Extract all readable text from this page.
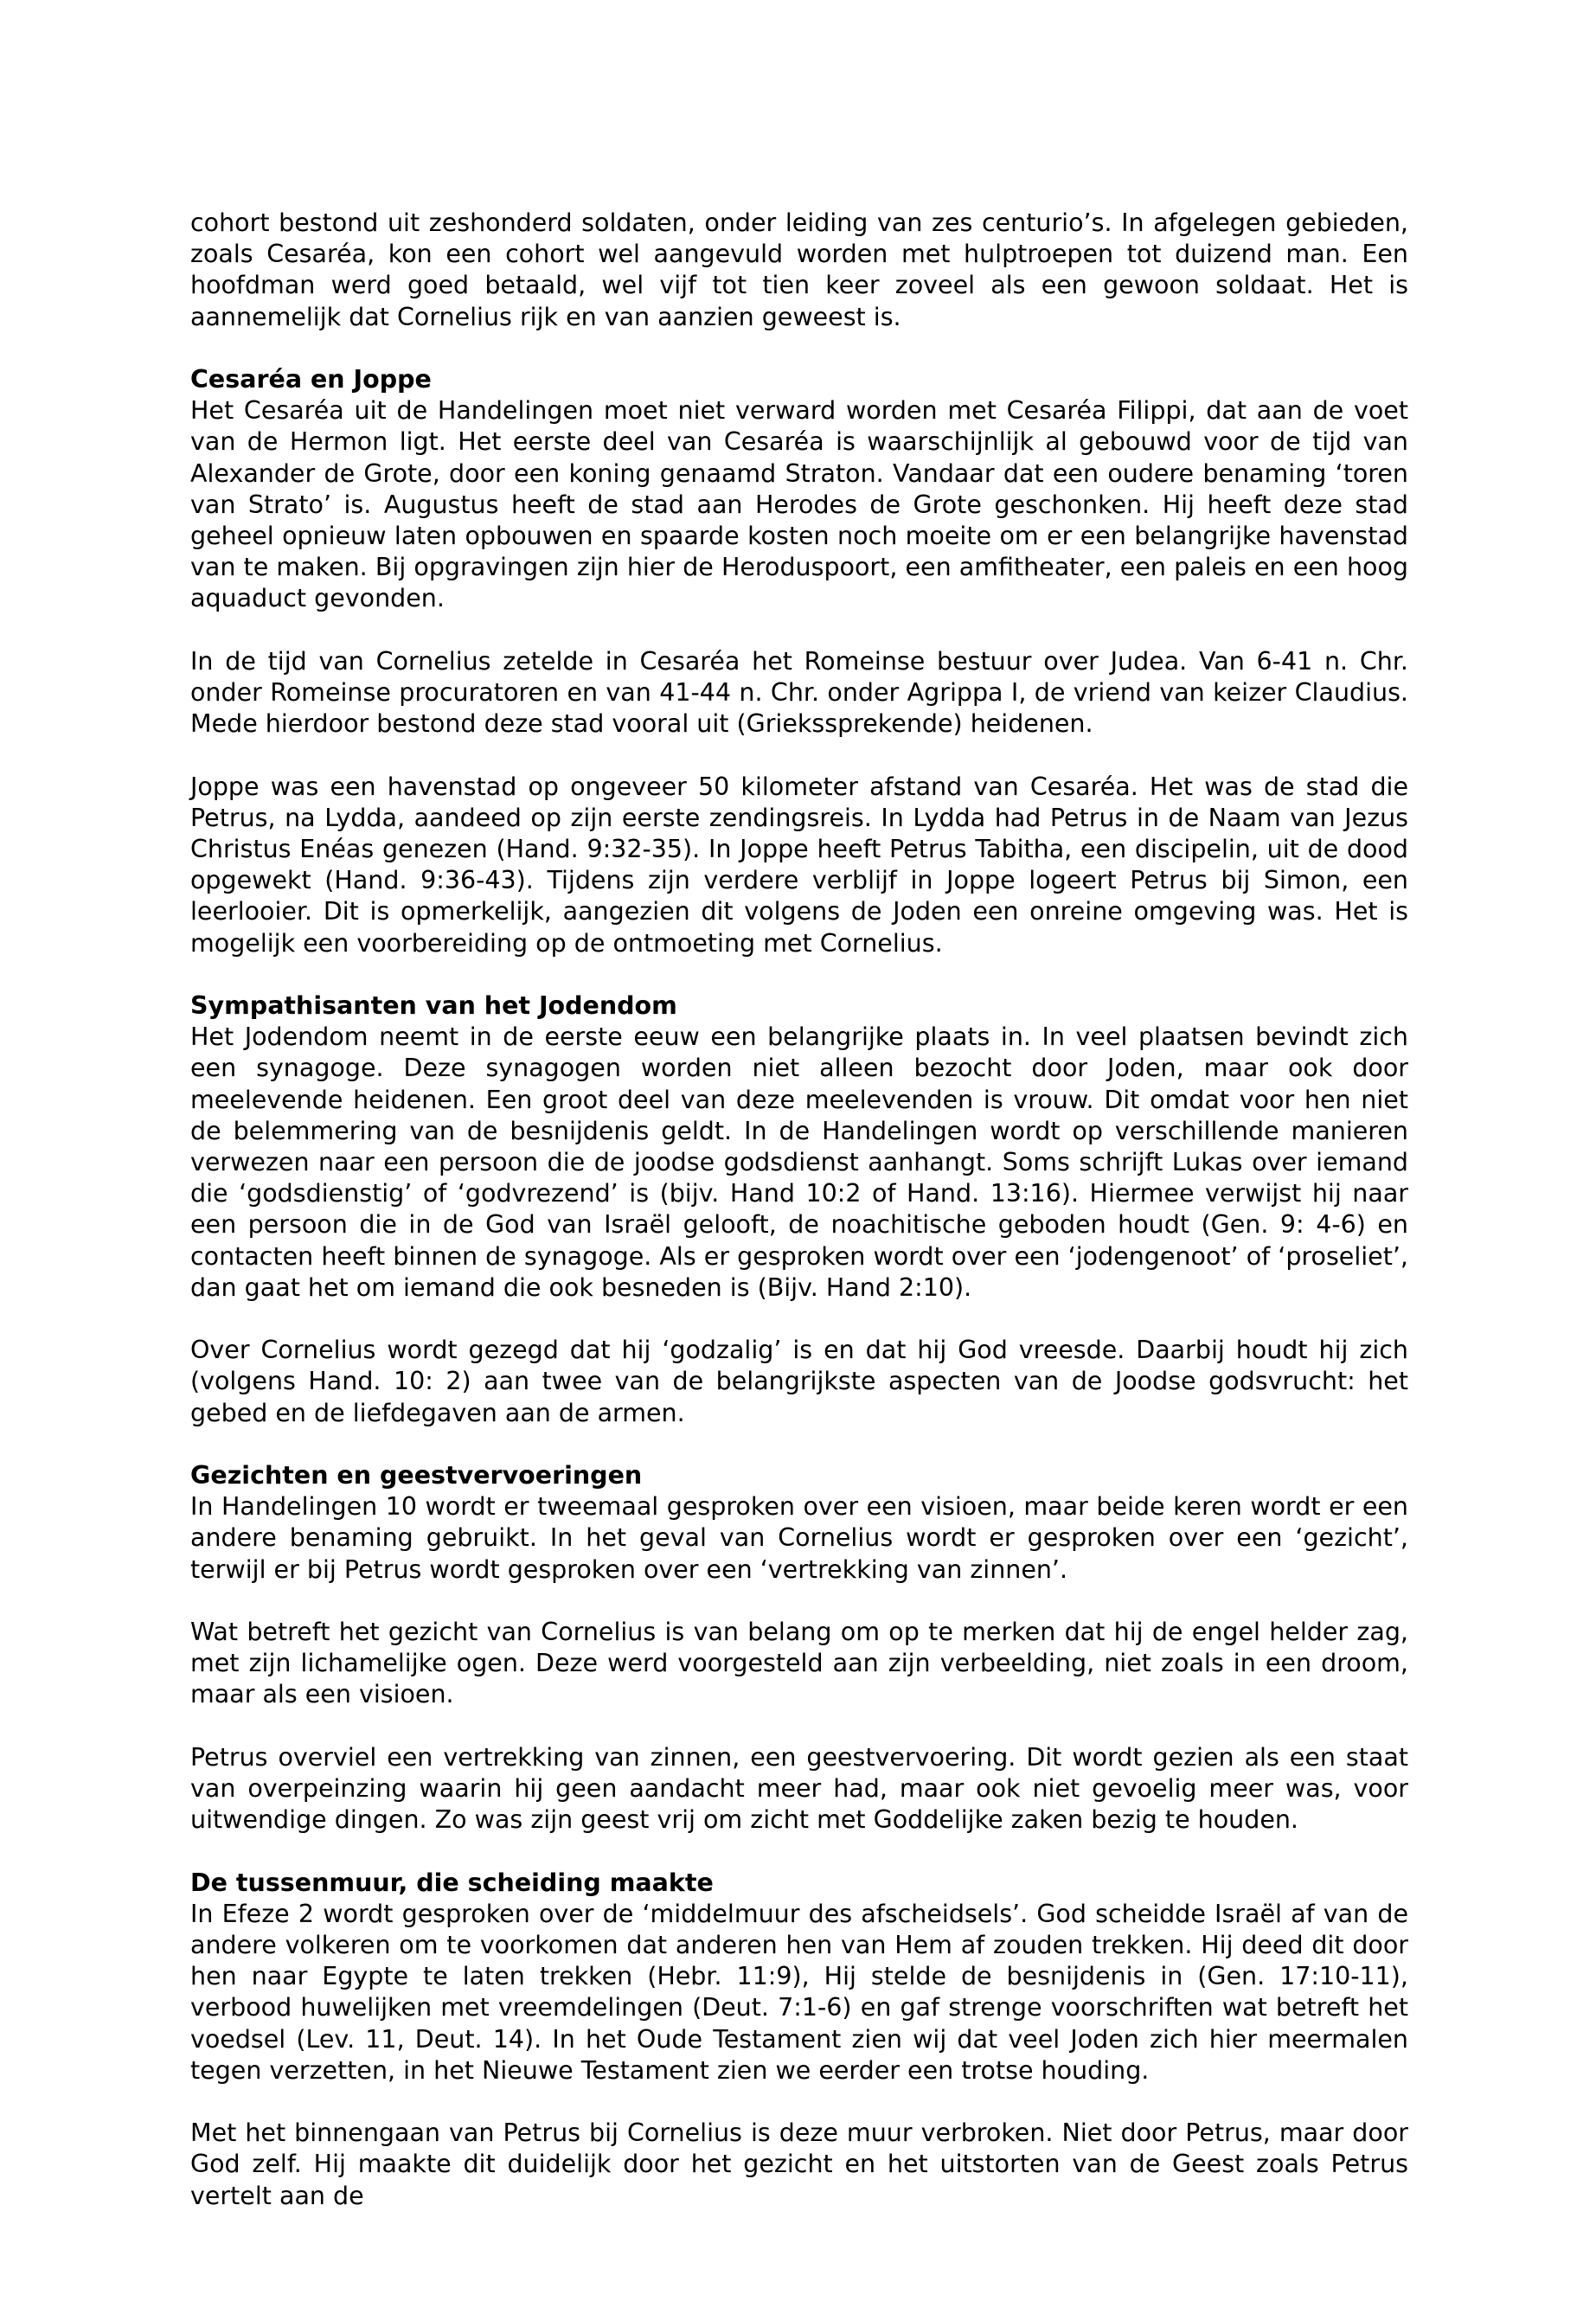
cohort bestond uit zeshonderd soldaten, onder leiding van zes centurio’s. In afgelegen gebieden, zoals Cesaréa, kon een cohort wel aangevuld worden met hulptroepen tot duizend man. Een hoofdman werd goed betaald, wel vijf tot tien keer zoveel als een gewoon soldaat. Het is aannemelijk dat Cornelius rijk en van aanzien geweest is.
Cesaréa en Joppe
Het Cesaréa uit de Handelingen moet niet verward worden met Cesaréa Filippi, dat aan de voet van de Hermon ligt. Het eerste deel van Cesaréa is waarschijnlijk al gebouwd voor de tijd van Alexander de Grote, door een koning genaamd Straton. Vandaar dat een oudere benaming ‘toren van Strato’ is. Augustus heeft de stad aan Herodes de Grote geschonken. Hij heeft deze stad geheel opnieuw laten opbouwen en spaarde kosten noch moeite om er een belangrijke havenstad van te maken. Bij opgravingen zijn hier de Heroduspoort, een amfitheater, een paleis en een hoog aquaduct gevonden.
In de tijd van Cornelius zetelde in Cesaréa het Romeinse bestuur over Judea. Van 6-41 n. Chr. onder Romeinse procuratoren en van 41-44 n. Chr. onder Agrippa I, de vriend van keizer Claudius. Mede hierdoor bestond deze stad vooral uit (Griekssprekende) heidenen.
Joppe was een havenstad op ongeveer 50 kilometer afstand van Cesaréa. Het was de stad die Petrus, na Lydda, aandeed op zijn eerste zendingsreis. In Lydda had Petrus in de Naam van Jezus Christus Enéas genezen (Hand. 9:32-35). In Joppe heeft Petrus Tabitha, een discipelin, uit de dood opgewekt (Hand. 9:36-43). Tijdens zijn verdere verblijf in Joppe logeert Petrus bij Simon, een leerlooier. Dit is opmerkelijk, aangezien dit volgens de Joden een onreine omgeving was. Het is mogelijk een voorbereiding op de ontmoeting met Cornelius.
Sympathisanten van het Jodendom
Het Jodendom neemt in de eerste eeuw een belangrijke plaats in. In veel plaatsen bevindt zich een synagoge. Deze synagogen worden niet alleen bezocht door Joden, maar ook door meelevende heidenen. Een groot deel van deze meelevenden is vrouw. Dit omdat voor hen niet de belemmering van de besnijdenis geldt. In de Handelingen wordt op verschillende manieren verwezen naar een persoon die de joodse godsdienst aanhangt. Soms schrijft Lukas over iemand die ‘godsdienstig’ of ‘godvrezend’ is (bijv. Hand 10:2 of Hand. 13:16). Hiermee verwijst hij naar een persoon die in de God van Israël gelooft, de noachitische geboden houdt (Gen. 9: 4-6) en contacten heeft binnen de synagoge. Als er gesproken wordt over een ‘jodengenoot’ of ‘proseliet’, dan gaat het om iemand die ook besneden is (Bijv. Hand 2:10).
Over Cornelius wordt gezegd dat hij ‘godzalig’ is en dat hij God vreesde. Daarbij houdt hij zich (volgens Hand. 10: 2) aan twee van de belangrijkste aspecten van de Joodse godsvrucht: het gebed en de liefdegaven aan de armen.
Gezichten en geestvervoeringen
In Handelingen 10 wordt er tweemaal gesproken over een visioen, maar beide keren wordt er een andere benaming gebruikt. In het geval van Cornelius wordt er gesproken over een ‘gezicht’, terwijl er bij Petrus wordt gesproken over een ‘vertrekking van zinnen’.
Wat betreft het gezicht van Cornelius is van belang om op te merken dat hij de engel helder zag, met zijn lichamelijke ogen. Deze werd voorgesteld aan zijn verbeelding, niet zoals in een droom, maar als een visioen.
Petrus overviel een vertrekking van zinnen, een geestvervoering. Dit wordt gezien als een staat van overpeinzing waarin hij geen aandacht meer had, maar ook niet gevoelig meer was, voor uitwendige dingen. Zo was zijn geest vrij om zicht met Goddelijke zaken bezig te houden.
De tussenmuur, die scheiding maakte
In Efeze 2 wordt gesproken over de ‘middelmuur des afscheidsels’. God scheidde Israël af van de andere volkeren om te voorkomen dat anderen hen van Hem af zouden trekken. Hij deed dit door hen naar Egypte te laten trekken (Hebr. 11:9), Hij stelde de besnijdenis in (Gen. 17:10-11), verbood huwelijken met vreemdelingen (Deut. 7:1-6) en gaf strenge voorschriften wat betreft het voedsel (Lev. 11, Deut. 14). In het Oude Testament zien wij dat veel Joden zich hier meermalen tegen verzetten, in het Nieuwe Testament zien we eerder een trotse houding.
Met het binnengaan van Petrus bij Cornelius is deze muur verbroken. Niet door Petrus, maar door God zelf. Hij maakte dit duidelijk door het gezicht en het uitstorten van de Geest zoals Petrus vertelt aan de
